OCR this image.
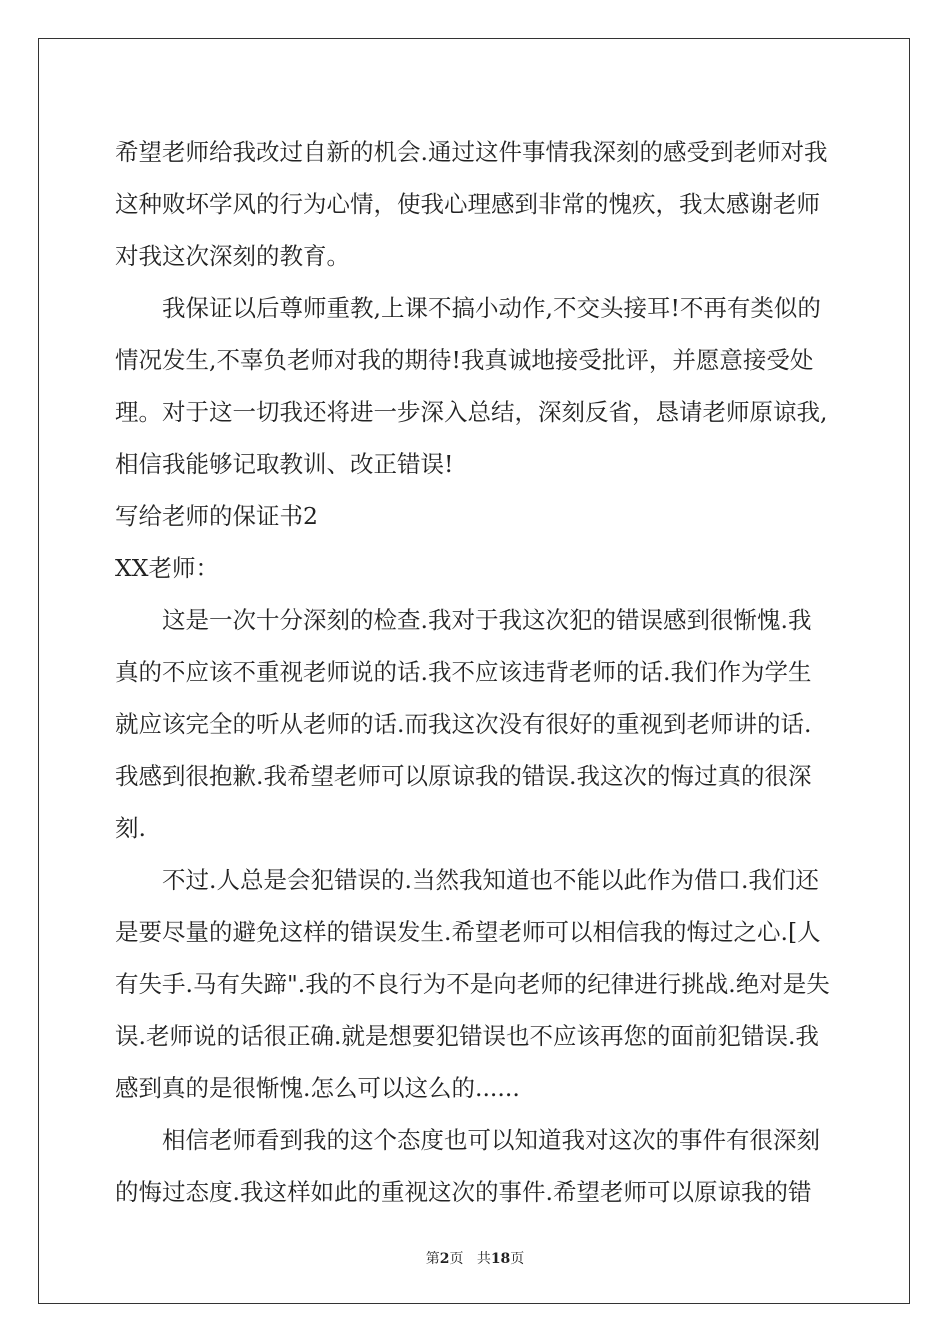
希望老师给我改过自新的机会.通过这件事情我深刻的感受到老师对我这种败坏学风的行为心情，使我心理感到非常的愧疚，我太感谢老师对我这次深刻的教育。

我保证以后尊师重教,上课不搞小动作,不交头接耳!不再有类似的情况发生,不辜负老师对我的期待!我真诚地接受批评，并愿意接受处理。对于这一切我还将进一步深入总结，深刻反省，恳请老师原谅我,相信我能够记取教训、改正错误!

写给老师的保证书2

XX老师：

这是一次十分深刻的检查.我对于我这次犯的错误感到很惭愧.我真的不应该不重视老师说的话.我不应该违背老师的话.我们作为学生就应该完全的听从老师的话.而我这次没有很好的重视到老师讲的话.我感到很抱歉.我希望老师可以原谅我的错误.我这次的悔过真的很深刻.

不过.人总是会犯错误的.当然我知道也不能以此作为借口.我们还是要尽量的避免这样的错误发生.希望老师可以相信我的悔过之心.[人有失手.马有失蹄".我的不良行为不是向老师的纪律进行挑战.绝对是失误.老师说的话很正确.就是想要犯错误也不应该再您的面前犯错误.我感到真的是很惭愧.怎么可以这么的......

相信老师看到我的这个态度也可以知道我对这次的事件有很深刻的悔过态度.我这样如此的重视这次的事件.希望老师可以原谅我的错

第2页 共18页
